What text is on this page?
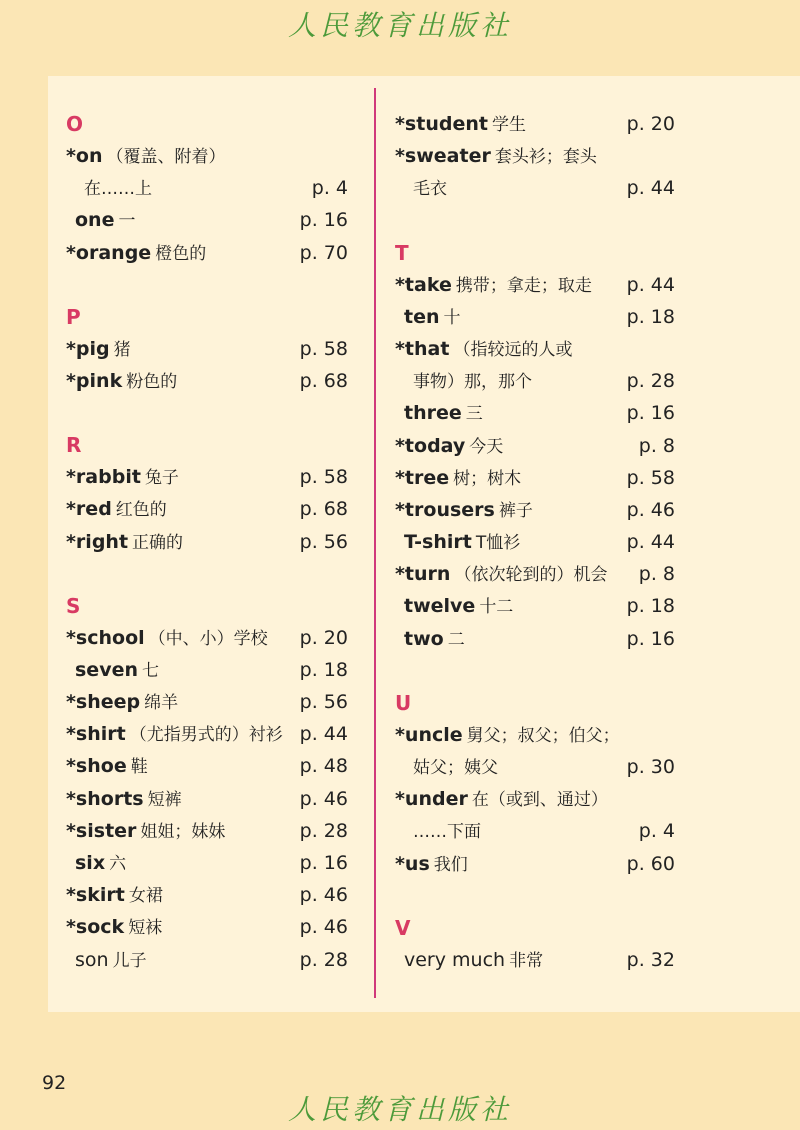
人民教育出版社
O
*on （覆盖、附着）
在……上	p. 4
one 一	p. 16
*orange 橙色的	p. 70
P
*pig 猪	p. 58
*pink 粉色的	p. 68
R
*rabbit 兔子	p. 58
*red 红色的	p. 68
*right 正确的	p. 56
S
*school （中、小）学校 p. 20
seven 七	p. 18
*sheep 绵羊	p. 56
*shirt （尤指男式的）衬衫 p. 44
*shoe 鞋	p. 48
*shorts 短裤	p. 46
*sister 姐姐；妹妹	p. 28
six 六	p. 16
*skirt 女裙	p. 46
*sock 短袜	p. 46
son 儿子	p. 28
*student 学生	p. 20
*sweater 套头衫；套头
毛衣	p. 44
T
*take 携带；拿走；取走 p. 44
ten 十	p. 18
*that （指较远的人或
事物）那，那个	p. 28
three 三	p. 16
*today 今天	p. 8
*tree 树；树木	p. 58
*trousers 裤子	p. 46
T-shirt T恤衫	p. 44
*turn （依次轮到的）机会 p. 8
twelve 十二	p. 18
two 二	p. 16
U
*uncle 舅父；叔父；伯父；
姑父；姨父	p. 30
*under 在（或到、通过）
……下面	p. 4
*us 我们	p. 60
V
very much 非常	p. 32
92
人民教育出版社
